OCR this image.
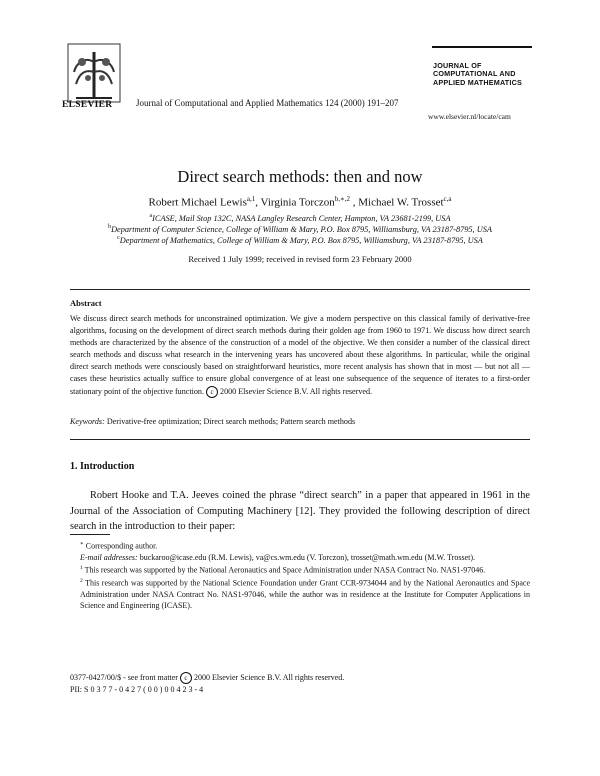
ELSEVIER	Journal of Computational and Applied Mathematics 124 (2000) 191–207
JOURNAL OF
COMPUTATIONAL AND
APPLIED MATHEMATICS
www.elsevier.nl/locate/cam
Direct search methods: then and now
Robert Michael Lewis$^{a,1}$, Virginia Torczon$^{b,∗,2}$ , Michael W. Trosset$^{c,a}$
$^a$ICASE, Mail Stop 132C, NASA Langley Research Center, Hampton, VA 23681-2199, USA
$^b$Department of Computer Science, College of William & Mary, P.O. Box 8795, Williamsburg, VA 23187-8795, USA
$^c$Department of Mathematics, College of William & Mary, P.O. Box 8795, Williamsburg, VA 23187-8795, USA
Received 1 July 1999; received in revised form 23 February 2000
Abstract
We discuss direct search methods for unconstrained optimization. We give a modern perspective on this classical family of derivative-free algorithms, focusing on the development of direct search methods during their golden age from 1960 to 1971. We discuss how direct search methods are characterized by the absence of the construction of a model of the objective. We then consider a number of the classical direct search methods and discuss what research in the intervening years has uncovered about these algorithms. In particular, while the original direct search methods were consciously based on straightforward heuristics, more recent analysis has shown that in most — but not all — cases these heuristics actually suffice to ensure global convergence of at least one subsequence of the sequence of iterates to a first-order stationary point of the objective function. c 2000 Elsevier Science B.V. All rights reserved.
Keywords: Derivative-free optimization; Direct search methods; Pattern search methods
1. Introduction
Robert Hooke and T.A. Jeeves coined the phrase “direct search” in a paper that appeared in 1961 in the Journal of the Association of Computing Machinery [12]. They provided the following description of direct search in the introduction to their paper:

∗ Corresponding author.

E-mail addresses: buckaroo@icase.edu (R.M. Lewis), va@cs.wm.edu (V. Torczon), trosset@math.wm.edu (M.W. Trosset).

$^1$ This research was supported by the National Aeronautics and Space Administration under NASA Contract No. NAS1-97046.

$^2$ This research was supported by the National Science Foundation under Grant CCR-9734044 and by the National Aeronautics and Space Administration under NASA Contract No. NAS1-97046, while the author was in residence at the Institute for Computer Applications in Science and Engineering (ICASE).

0377-0427/00/$ - see front matter c 2000 Elsevier Science B.V. All rights reserved.
PII: S 0 3 7 7 - 0 4 2 7 ( 0 0 ) 0 0 4 2 3 - 4
